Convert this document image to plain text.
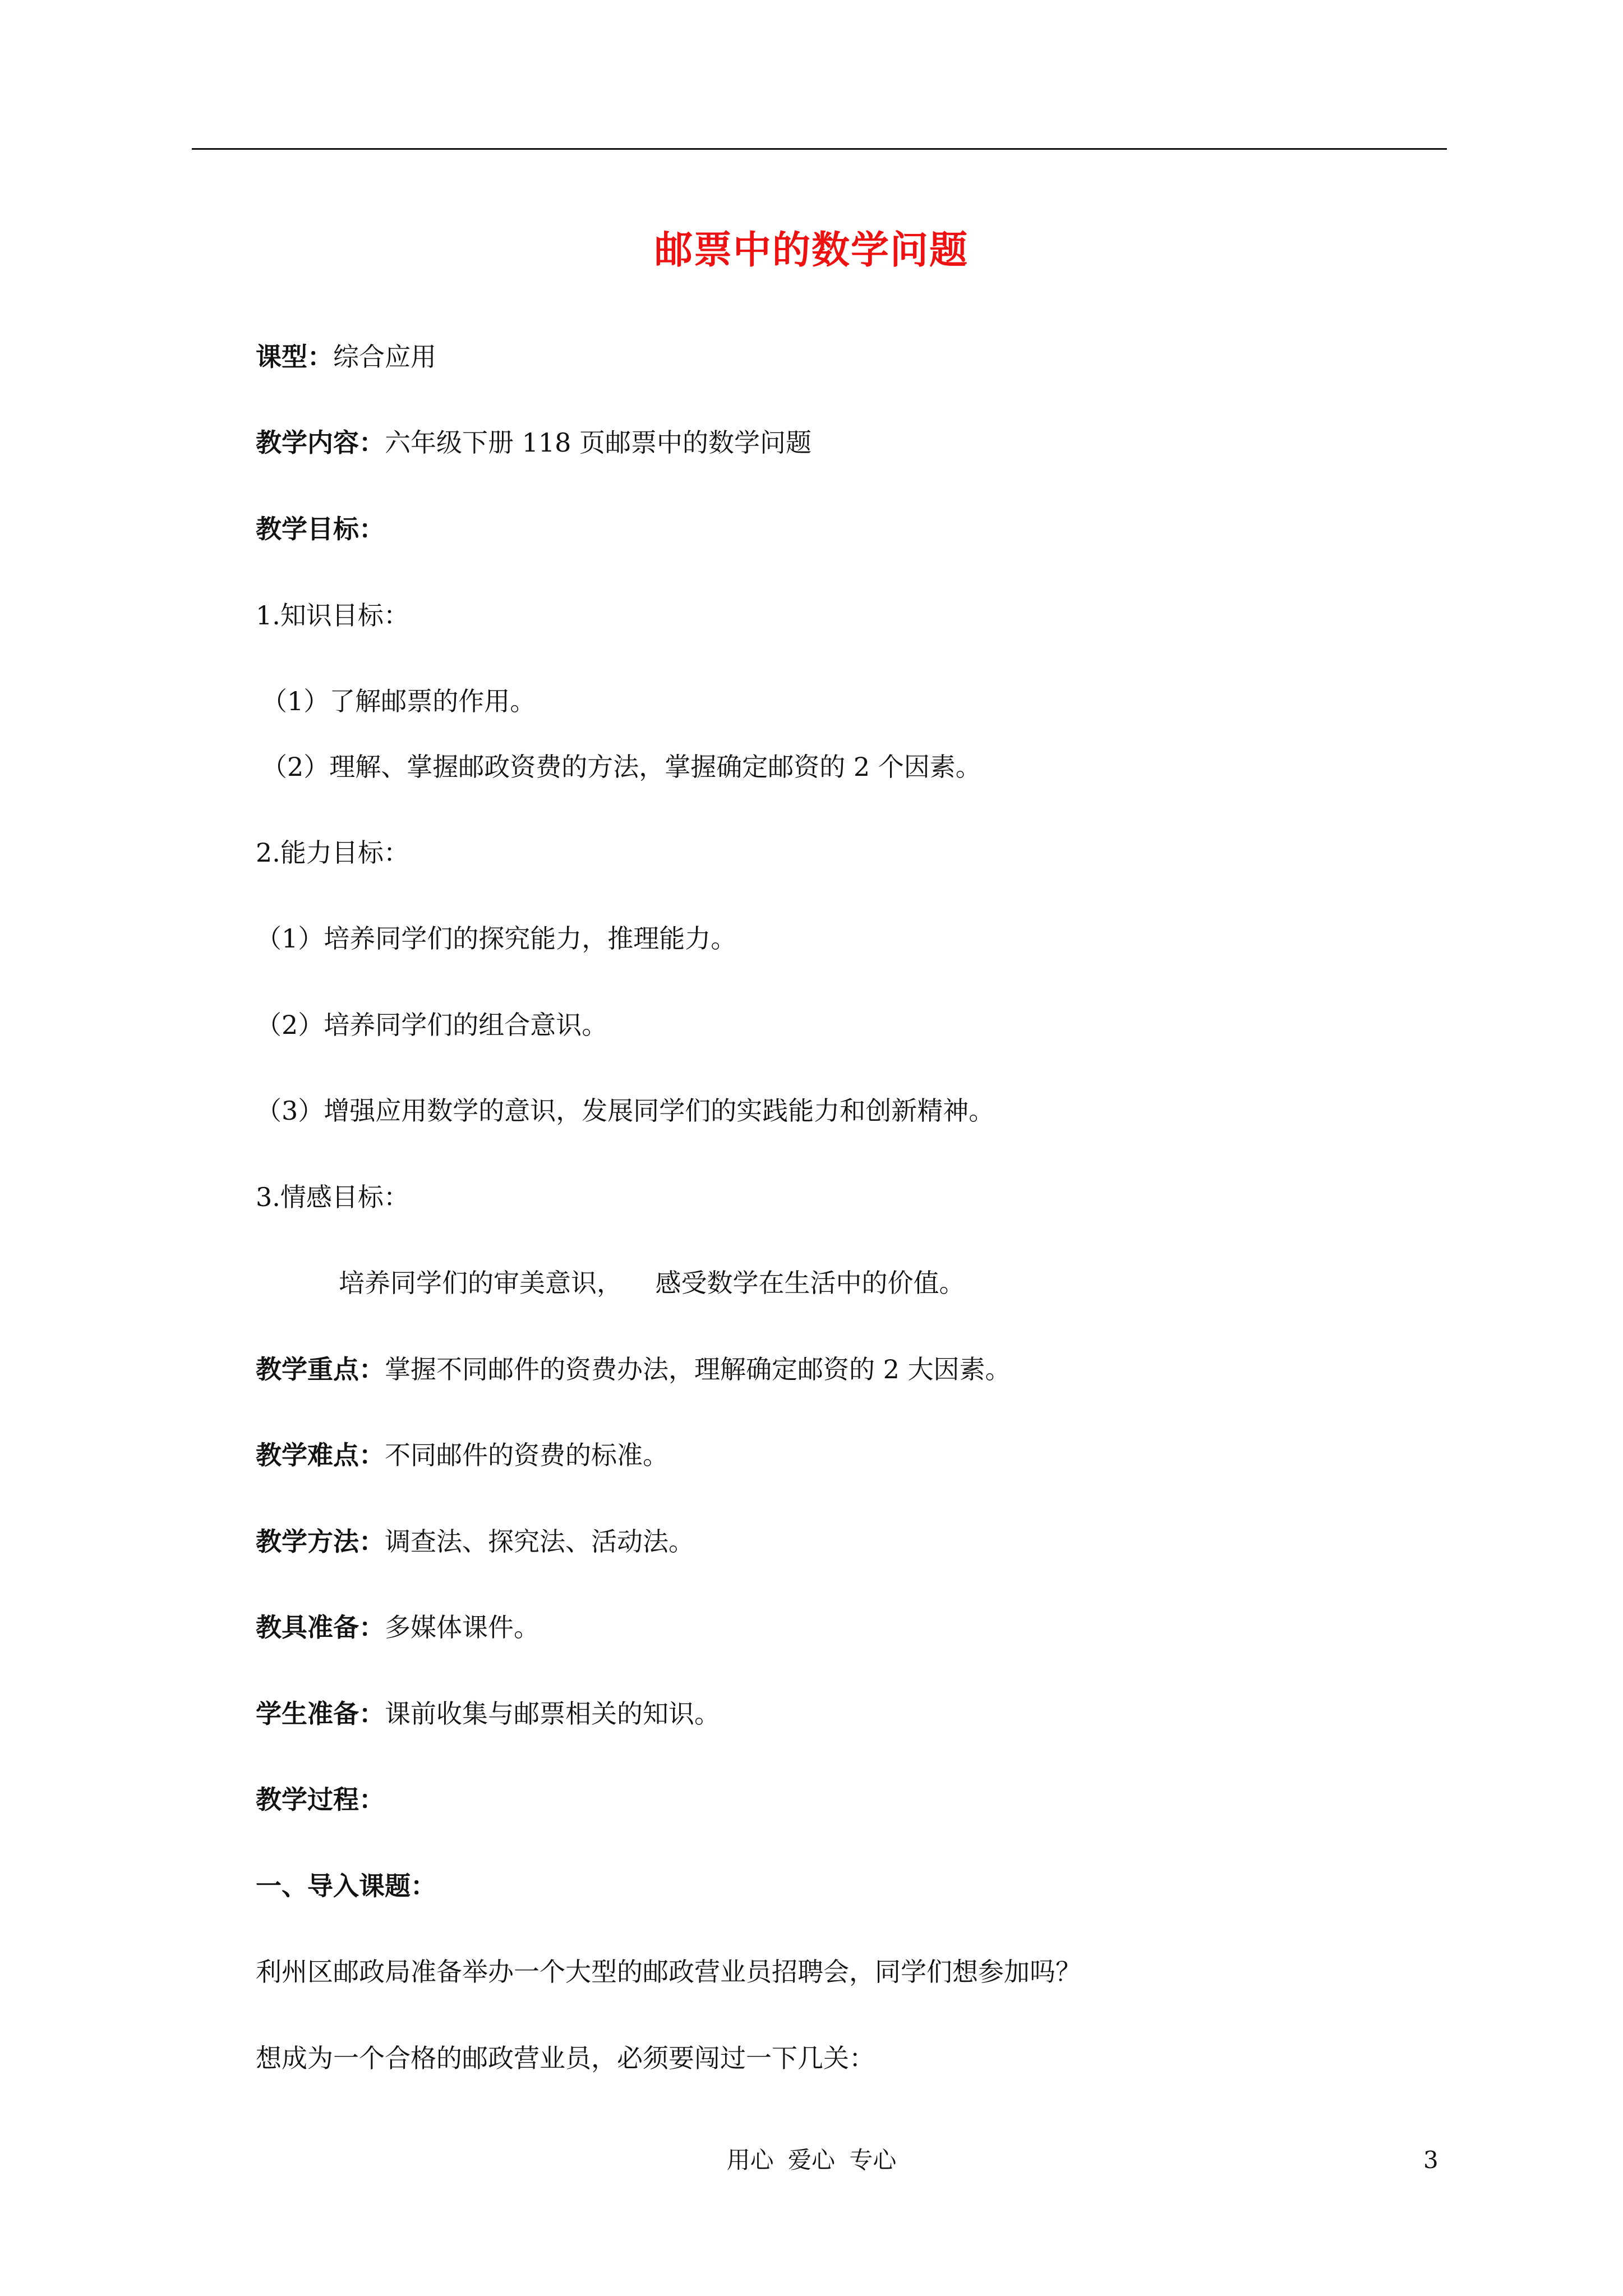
邮票中的数学问题
课型：综合应用
教学内容：六年级下册 118 页邮票中的数学问题
教学目标：
1.知识目标：
（1）了解邮票的作用。
（2）理解、掌握邮政资费的方法，掌握确定邮资的 2 个因素。
2.能力目标：
（1）培养同学们的探究能力，推理能力。
（2）培养同学们的组合意识。
（3）增强应用数学的意识，发展同学们的实践能力和创新精神。
3.情感目标：
培养同学们的审美意识，    感受数学在生活中的价值。
教学重点：掌握不同邮件的资费办法，理解确定邮资的 2 大因素。
教学难点：不同邮件的资费的标准。
教学方法：调查法、探究法、活动法。
教具准备：多媒体课件。
学生准备：课前收集与邮票相关的知识。
教学过程：
一、导入课题：
利州区邮政局准备举办一个大型的邮政营业员招聘会，同学们想参加吗？
想成为一个合格的邮政营业员，必须要闯过一下几关：
用心 爱心 专心	3
